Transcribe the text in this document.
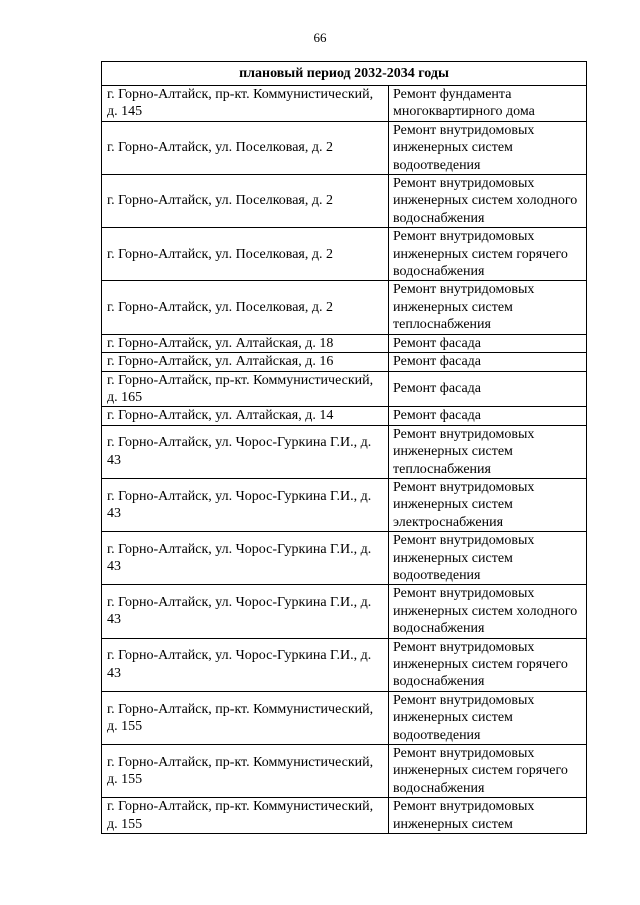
66
плановый период 2032-2034 годы	
г. Горно-Алтайск, пр-кт. Коммунистический, д. 145	Ремонт фундамента многоквартирного дома
г. Горно-Алтайск, ул. Поселковая, д. 2	Ремонт внутридомовых инженерных систем водоотведения
г. Горно-Алтайск, ул. Поселковая, д. 2	Ремонт внутридомовых инженерных систем холодного водоснабжения
г. Горно-Алтайск, ул. Поселковая, д. 2	Ремонт внутридомовых инженерных систем горячего водоснабжения
г. Горно-Алтайск, ул. Поселковая, д. 2	Ремонт внутридомовых инженерных систем теплоснабжения
г. Горно-Алтайск, ул. Алтайская, д. 18	Ремонт фасада
г. Горно-Алтайск, ул. Алтайская, д. 16	Ремонт фасада
г. Горно-Алтайск, пр-кт. Коммунистический, д. 165	Ремонт фасада
г. Горно-Алтайск, ул. Алтайская, д. 14	Ремонт фасада
г. Горно-Алтайск, ул. Чорос-Гуркина Г.И., д. 43	Ремонт внутридомовых инженерных систем теплоснабжения
г. Горно-Алтайск, ул. Чорос-Гуркина Г.И., д. 43	Ремонт внутридомовых инженерных систем электроснабжения
г. Горно-Алтайск, ул. Чорос-Гуркина Г.И., д. 43	Ремонт внутридомовых инженерных систем водоотведения
г. Горно-Алтайск, ул. Чорос-Гуркина Г.И., д. 43	Ремонт внутридомовых инженерных систем холодного водоснабжения
г. Горно-Алтайск, ул. Чорос-Гуркина Г.И., д. 43	Ремонт внутридомовых инженерных систем горячего водоснабжения
г. Горно-Алтайск, пр-кт. Коммунистический, д. 155	Ремонт внутридомовых инженерных систем водоотведения
г. Горно-Алтайск, пр-кт. Коммунистический, д. 155	Ремонт внутридомовых инженерных систем горячего водоснабжения
г. Горно-Алтайск, пр-кт. Коммунистический, д. 155	Ремонт внутридомовых инженерных систем
